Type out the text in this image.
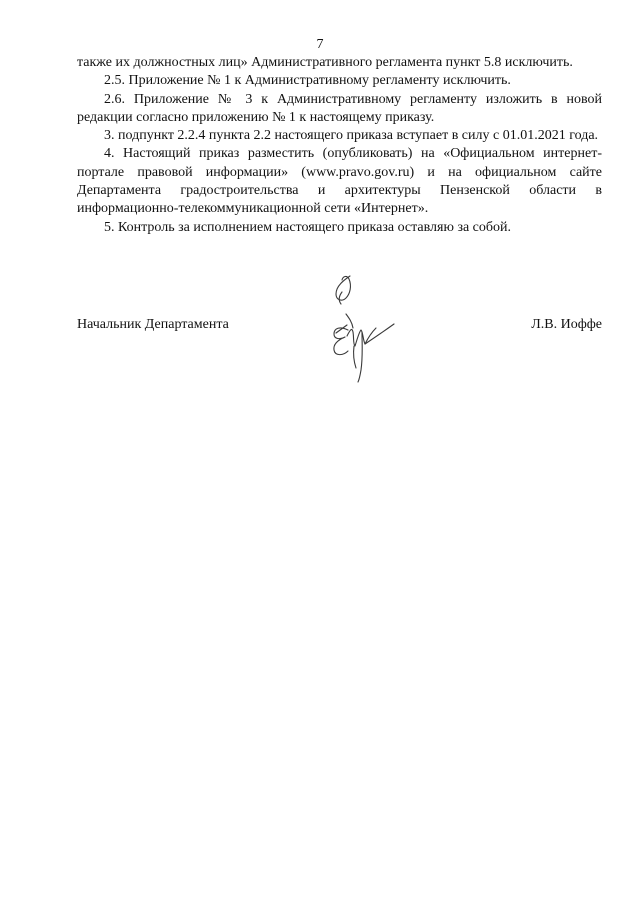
7

также их должностных лиц» Административного регламента пункт 5.8 исключить.

2.5. Приложение № 1 к Административному регламенту исключить.

2.6. Приложение № 3 к Административному регламенту изложить в новой редакции согласно приложению № 1 к настоящему приказу.

3. подпункт 2.2.4 пункта 2.2 настоящего приказа вступает в силу с 01.01.2021 года.

4. Настоящий приказ разместить (опубликовать) на «Официальном интернет-портале правовой информации» (www.pravo.gov.ru) и на официальном сайте Департамента градостроительства и архитектуры Пензенской области в информационно-телекоммуникационной сети «Интернет».

5. Контроль за исполнением настоящего приказа оставляю за собой.

Начальник Департамента	Л.В. Иоффе
